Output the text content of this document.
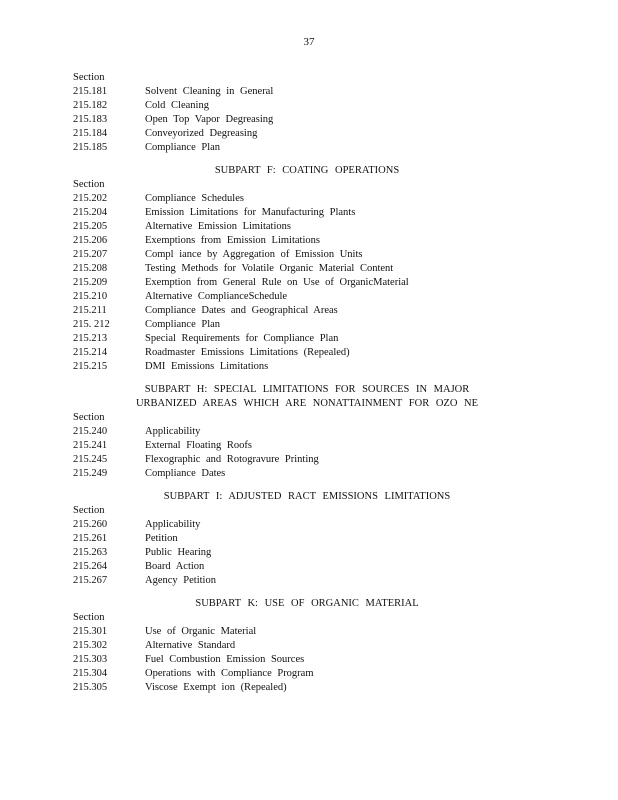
37
Section
215.181	Solvent Cleaning in General
215.182	Cold Cleaning
215.183	Open Top Vapor Degreasing
215.184	Conveyorized Degreasing
215.185	Compliance Plan
SUBPART F: COATING OPERATIONS
Section
215.202	Compliance Schedules
215.204	Emission Limitations for Manufacturing Plants
215.205	Alternative Emission Limitations
215.206	Exemptions from Emission Limitations
215.207	Compl iance by Aggregation of Emission Units
215.208	Testing Methods for Volatile Organic Material Content
215.209	Exemption from General Rule on Use of OrganicMaterial
215.210	Alternative ComplianceSchedule
215.211	Compliance Dates and Geographical Areas
215. 212	Compliance Plan
215.213	Special Requirements for Compliance Plan
215.214	Roadmaster Emissions Limitations (Repealed)
215.215	DMI Emissions Limitations
SUBPART H: SPECIAL LIMITATIONS FOR SOURCES IN MAJOR
URBANIZED AREAS WHICH ARE NONATTAINMENT FOR OZO NE
Section
215.240	Applicability
215.241	External Floating Roofs
215.245	Flexographic and Rotogravure Printing
215.249	Compliance Dates
SUBPART I: ADJUSTED RACT EMISSIONS LIMITATIONS
Section
215.260	Applicability
215.261	Petition
215.263	Public Hearing
215.264	Board Action
215.267	Agency Petition
SUBPART K: USE OF ORGANIC MATERIAL
Section
215.301	Use of Organic Material
215.302	Alternative Standard
215.303	Fuel Combustion Emission Sources
215.304	Operations with Compliance Program
215.305	Viscose Exempt ion (Repealed)
